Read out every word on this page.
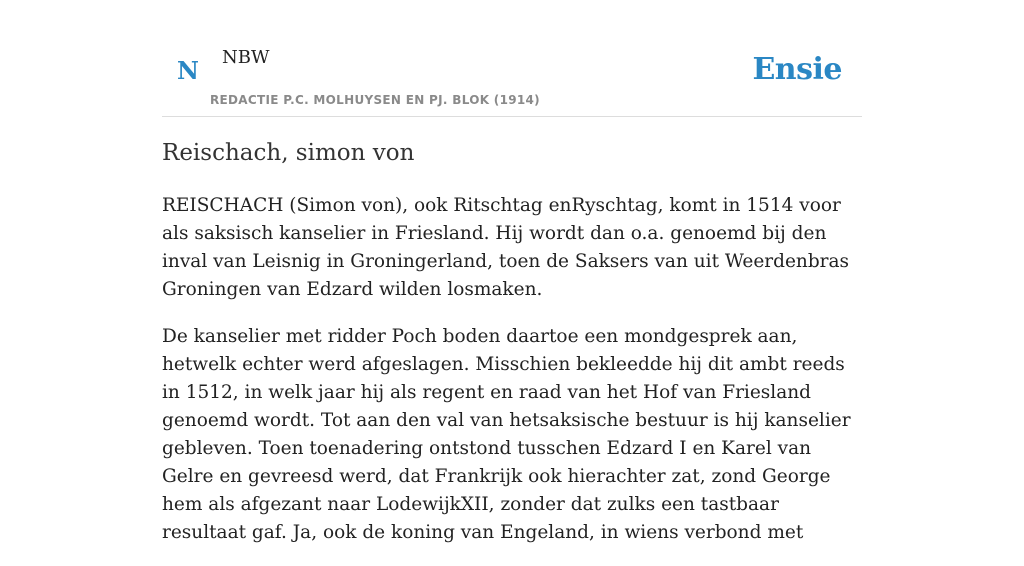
N NBW
REDACTIE P.C. MOLHUYSEN EN PJ. BLOK (1914)
Ensie
Reischach, simon von

REISCHACH (Simon von), ook Ritschtag enRyschtag, komt in 1514 voor als saksisch kanselier in Friesland. Hij wordt dan o.a. genoemd bij den inval van Leisnig in Groningerland, toen de Saksers van uit Weerdenbras Groningen van Edzard wilden losmaken.

De kanselier met ridder Poch boden daartoe een mondgesprek aan, hetwelk echter werd afgeslagen. Misschien bekleedde hij dit ambt reeds in 1512, in welk jaar hij als regent en raad van het Hof van Friesland genoemd wordt. Tot aan den val van hetsaksische bestuur is hij kanselier gebleven. Toen toenadering ontstond tusschen Edzard I en Karel van Gelre en gevreesd werd, dat Frankrijk ook hierachter zat, zond George hem als afgezant naar LodewijkXII, zonder dat zulks een tastbaar resultaat gaf. Ja, ook de koning van Engeland, in wiens verbond met
